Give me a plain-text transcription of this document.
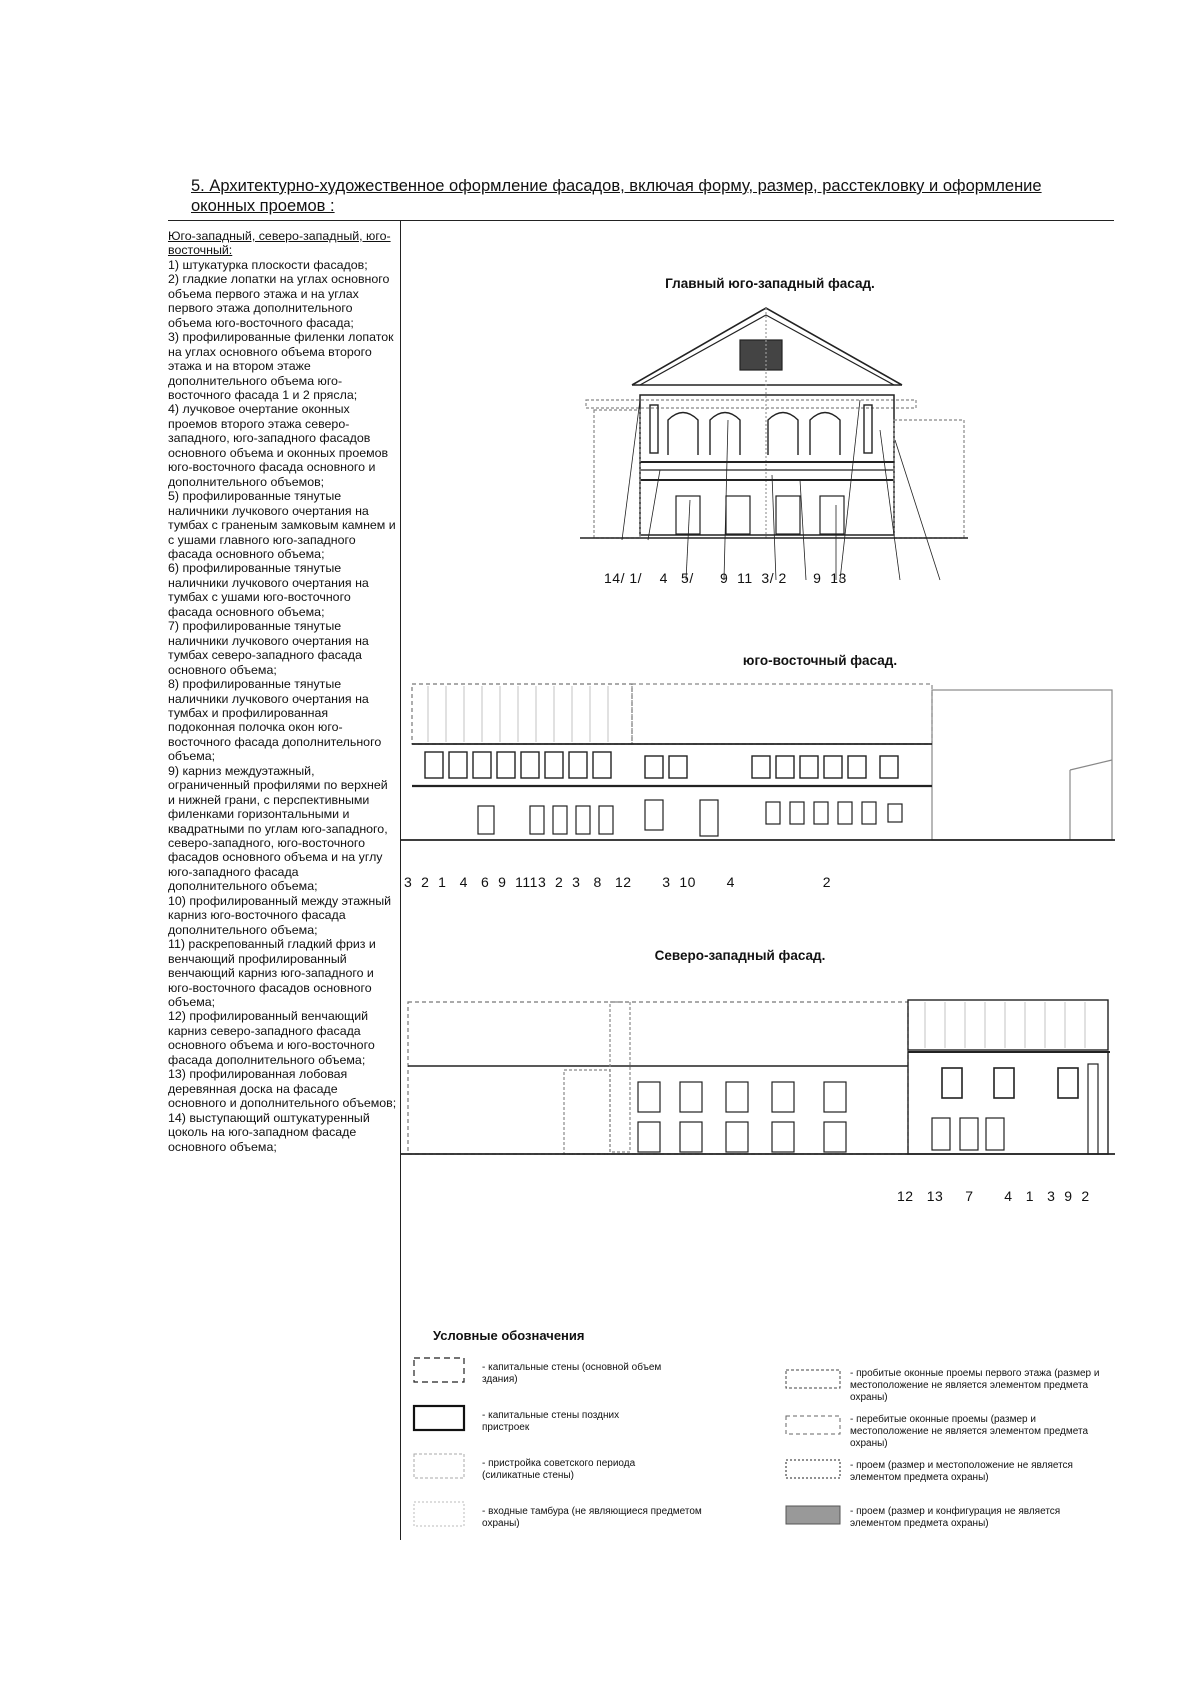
5. Архитектурно-художественное оформление фасадов, включая форму, размер, расстекловку и оформление оконных проемов :
Юго-западный, северо-западный, юго-восточный:
1) штукатурка плоскости фасадов;
2) гладкие лопатки на углах основного объема первого этажа и на углах первого этажа дополнительного объема юго-восточного фасада;
3) профилированные филенки лопаток на углах основного объема второго этажа и на втором этаже дополнительного объема юго-восточного фасада 1 и 2 прясла;
4) лучковое очертание оконных проемов второго этажа северо-западного, юго-западного фасадов основного объема и оконных проемов юго-восточного фасада основного и дополнительного объемов;
5) профилированные тянутые наличники лучкового очертания на тумбах с граненым замковым камнем и с ушами главного юго-западного фасада основного объема;
6) профилированные тянутые наличники лучкового очертания на тумбах с ушами юго-восточного фасада основного объема;
7) профилированные тянутые наличники лучкового очертания на тумбах северо-западного фасада основного объема;
8) профилированные тянутые наличники лучкового очертания на тумбах и профилированная подоконная полочка окон юго-восточного фасада дополнительного объема;
9) карниз междуэтажный, ограниченный профилями по верхней и нижней грани, с перспективными филенками горизонтальными и квадратными по углам юго-западного, северо-западного, юго-восточного фасадов основного объема и на углу юго-западного фасада дополнительного объема;
10) профилированный между этажный карниз юго-восточного фасада дополнительного объема;
11) раскрепованный гладкий фриз и венчающий профилированный венчающий карниз юго-западного и юго-восточного фасадов основного объема;
12) профилированный венчающий карниз северо-западного фасада основного объема и юго-восточного фасада дополнительного объема;
13) профилированная лобовая деревянная доска на фасаде основного и дополнительного объемов;
14) выступающий оштукатуренный цоколь на юго-западном фасаде основного объема;
Главный юго-западный фасад.
юго-восточный фасад.
Северо-западный фасад.
14/ 1/    4   5/      9  11  3/ 2      9  13
3  2  1   4   6  9  1113  2  3   8   12       3  10       4                    2
12   13     7       4   1   3  9  2
Условные обозначения
- капитальные стены (основной объем здания)
- капитальные стены поздних пристроек
- пристройка советского периода (силикатные стены)
- входные тамбура (не являющиеся предметом охраны)
- пробитые оконные проемы первого этажа (размер и местоположение не является элементом предмета охраны)
- перебитые оконные проемы (размер и местоположение не является элементом предмета охраны)
- проем (размер и местоположение не является элементом предмета охраны)
- проем (размер и конфигурация не является элементом предмета охраны)
